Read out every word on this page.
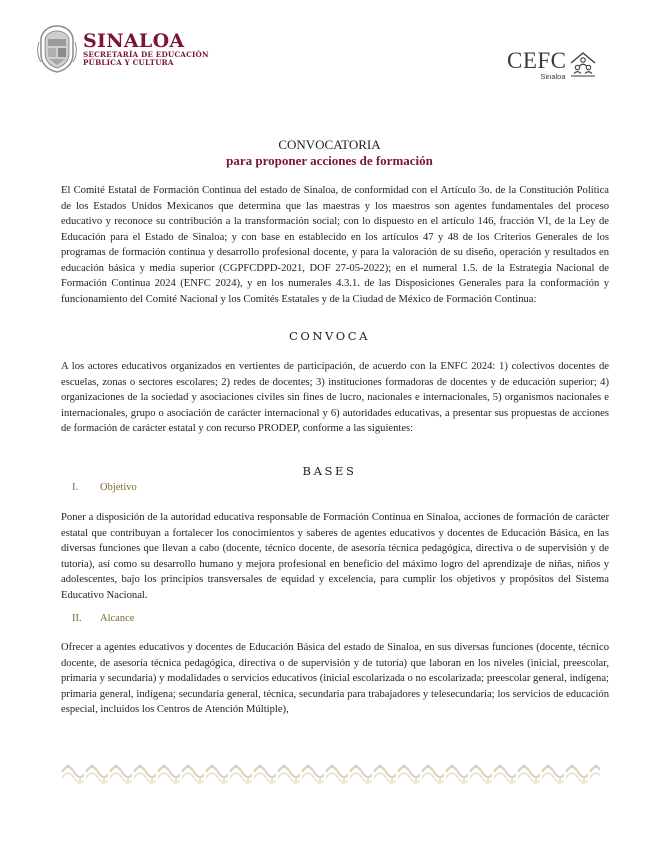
SINALOA
SECRETARÍA DE EDUCACIÓN
PÚBLICA Y CULTURA	CEFC
Sinaloa
CONVOCATORIA
para proponer acciones de formación

El Comité Estatal de Formación Continua del estado de Sinaloa, de conformidad con el Artículo 3o. de la Constitución Política de los Estados Unidos Mexicanos que determina que las maestras y los maestros son agentes fundamentales del proceso educativo y reconoce su contribución a la transformación social; con lo dispuesto en el artículo 146, fracción VI, de la Ley de Educación para el Estado de Sinaloa; y con base en establecido en los artículos 47 y 48 de los Criterios Generales de los programas de formación continua y desarrollo profesional docente, y para la valoración de su diseño, operación y resultados en educación básica y media superior (CGPFCDPD-2021, DOF 27-05-2022); en el numeral 1.5. de la Estrategia Nacional de Formación Continua 2024 (ENFC 2024), y en los numerales 4.3.1. de las Disposiciones Generales para la conformación y funcionamiento del Comité Nacional y los Comités Estatales y de la Ciudad de México de Formación Continua:

CONVOCA

A los actores educativos organizados en vertientes de participación, de acuerdo con la ENFC 2024: 1) colectivos docentes de escuelas, zonas o sectores escolares; 2) redes de docentes; 3) instituciones formadoras de docentes y de educación superior; 4) organizaciones de la sociedad y asociaciones civiles sin fines de lucro, nacionales e internacionales, 5) organismos nacionales e internacionales, grupo o asociación de carácter internacional y 6) autoridades educativas, a presentar sus propuestas de acciones de formación de carácter estatal y con recurso PRODEP, conforme a las siguientes:

BASES
I.	Objetivo

Poner a disposición de la autoridad educativa responsable de Formación Continua en Sinaloa, acciones de formación de carácter estatal que contribuyan a fortalecer los conocimientos y saberes de agentes educativos y docentes de Educación Básica, en las diversas funciones que llevan a cabo (docente, técnico docente, de asesoría técnica pedagógica, directiva o de supervisión y de tutoría), así como su desarrollo humano y mejora profesional en beneficio del máximo logro del aprendizaje de niñas, niños y adolescentes, bajo los principios transversales de equidad y excelencia, para cumplir los objetivos y propósitos del Sistema Educativo Nacional.

II.	Alcance

Ofrecer a agentes educativos y docentes de Educación Básica del estado de Sinaloa, en sus diversas funciones (docente, técnico docente, de asesoría técnica pedagógica, directiva o de supervisión y de tutoría) que laboran en los niveles (inicial, preescolar, primaria y secundaria) y modalidades o servicios educativos (inicial escolarizada o no escolarizada; preescolar general, indígena; primaria general, indígena; secundaria general, técnica, secundaria para trabajadores y telesecundaria; los servicios de educación especial, incluidos los Centros de Atención Múltiple),
